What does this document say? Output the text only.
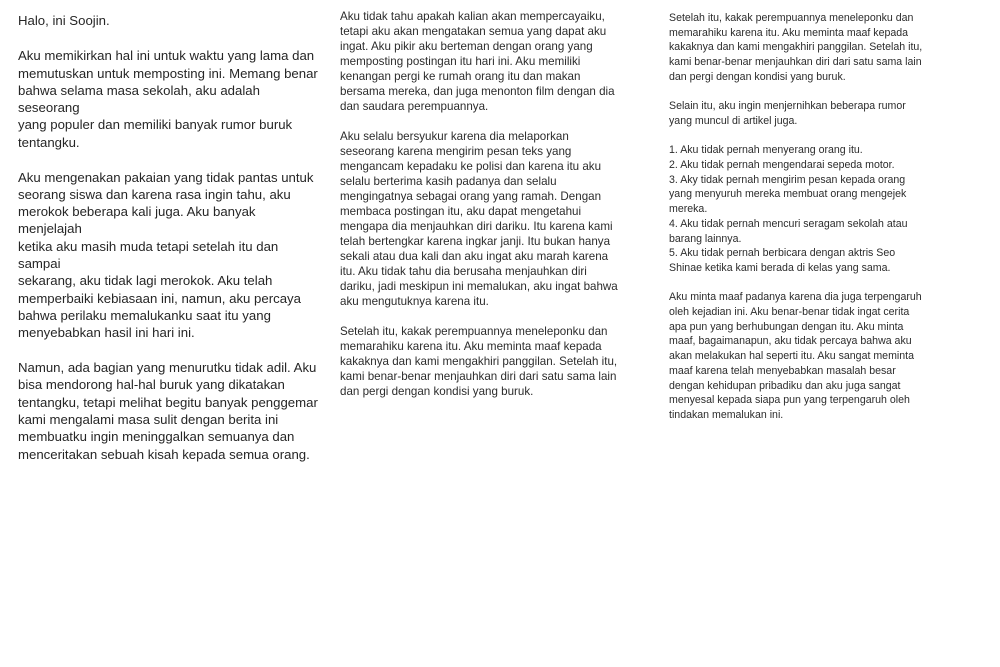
Halo, ini Soojin.

Aku memikirkan hal ini untuk waktu yang lama dan
memutuskan untuk memposting ini. Memang benar
bahwa selama masa sekolah, aku adalah seseorang
yang populer dan memiliki banyak rumor buruk
tentangku.

Aku mengenakan pakaian yang tidak pantas untuk
seorang siswa dan karena rasa ingin tahu, aku
merokok beberapa kali juga. Aku banyak menjelajah
ketika aku masih muda tetapi setelah itu dan sampai
sekarang, aku tidak lagi merokok. Aku telah
memperbaiki kebiasaan ini, namun, aku percaya
bahwa perilaku memalukanku saat itu yang
menyebabkan hasil ini hari ini.

Namun, ada bagian yang menurutku tidak adil. Aku
bisa mendorong hal-hal buruk yang dikatakan
tentangku, tetapi melihat begitu banyak penggemar
kami mengalami masa sulit dengan berita ini
membuatku ingin meninggalkan semuanya dan
menceritakan sebuah kisah kepada semua orang.

Aku tidak tahu apakah kalian akan mempercayaiku,
tetapi aku akan mengatakan semua yang dapat aku
ingat. Aku pikir aku berteman dengan orang yang
memposting postingan itu hari ini. Aku memiliki
kenangan pergi ke rumah orang itu dan makan
bersama mereka, dan juga menonton film dengan dia
dan saudara perempuannya.

Aku selalu bersyukur karena dia melaporkan
seseorang karena mengirim pesan teks yang
mengancam kepadaku ke polisi dan karena itu aku
selalu berterima kasih padanya dan selalu
mengingatnya sebagai orang yang ramah. Dengan
membaca postingan itu, aku dapat mengetahui
mengapa dia menjauhkan diri dariku. Itu karena kami
telah bertengkar karena ingkar janji. Itu bukan hanya
sekali atau dua kali dan aku ingat aku marah karena
itu. Aku tidak tahu dia berusaha menjauhkan diri
dariku, jadi meskipun ini memalukan, aku ingat bahwa
aku mengutuknya karena itu.

Setelah itu, kakak perempuannya meneleponku dan
memarahiku karena itu. Aku meminta maaf kepada
kakaknya dan kami mengakhiri panggilan. Setelah itu,
kami benar-benar menjauhkan diri dari satu sama lain
dan pergi dengan kondisi yang buruk.

Setelah itu, kakak perempuannya meneleponku dan
memarahiku karena itu. Aku meminta maaf kepada
kakaknya dan kami mengakhiri panggilan. Setelah itu,
kami benar-benar menjauhkan diri dari satu sama lain
dan pergi dengan kondisi yang buruk.

Selain itu, aku ingin menjernihkan beberapa rumor
yang muncul di artikel juga.

1. Aku tidak pernah menyerang orang itu.
2. Aku tidak pernah mengendarai sepeda motor.
3. Aky tidak pernah mengirim pesan kepada orang
yang menyuruh mereka membuat orang mengejek
mereka.
4. Aku tidak pernah mencuri seragam sekolah atau
barang lainnya.
5. Aku tidak pernah berbicara dengan aktris Seo
Shinae ketika kami berada di kelas yang sama.

Aku minta maaf padanya karena dia juga terpengaruh
oleh kejadian ini. Aku benar-benar tidak ingat cerita
apa pun yang berhubungan dengan itu. Aku minta
maaf, bagaimanapun, aku tidak percaya bahwa aku
akan melakukan hal seperti itu. Aku sangat meminta
maaf karena telah menyebabkan masalah besar
dengan kehidupan pribadiku dan aku juga sangat
menyesal kepada siapa pun yang terpengaruh oleh
tindakan memalukan ini.
